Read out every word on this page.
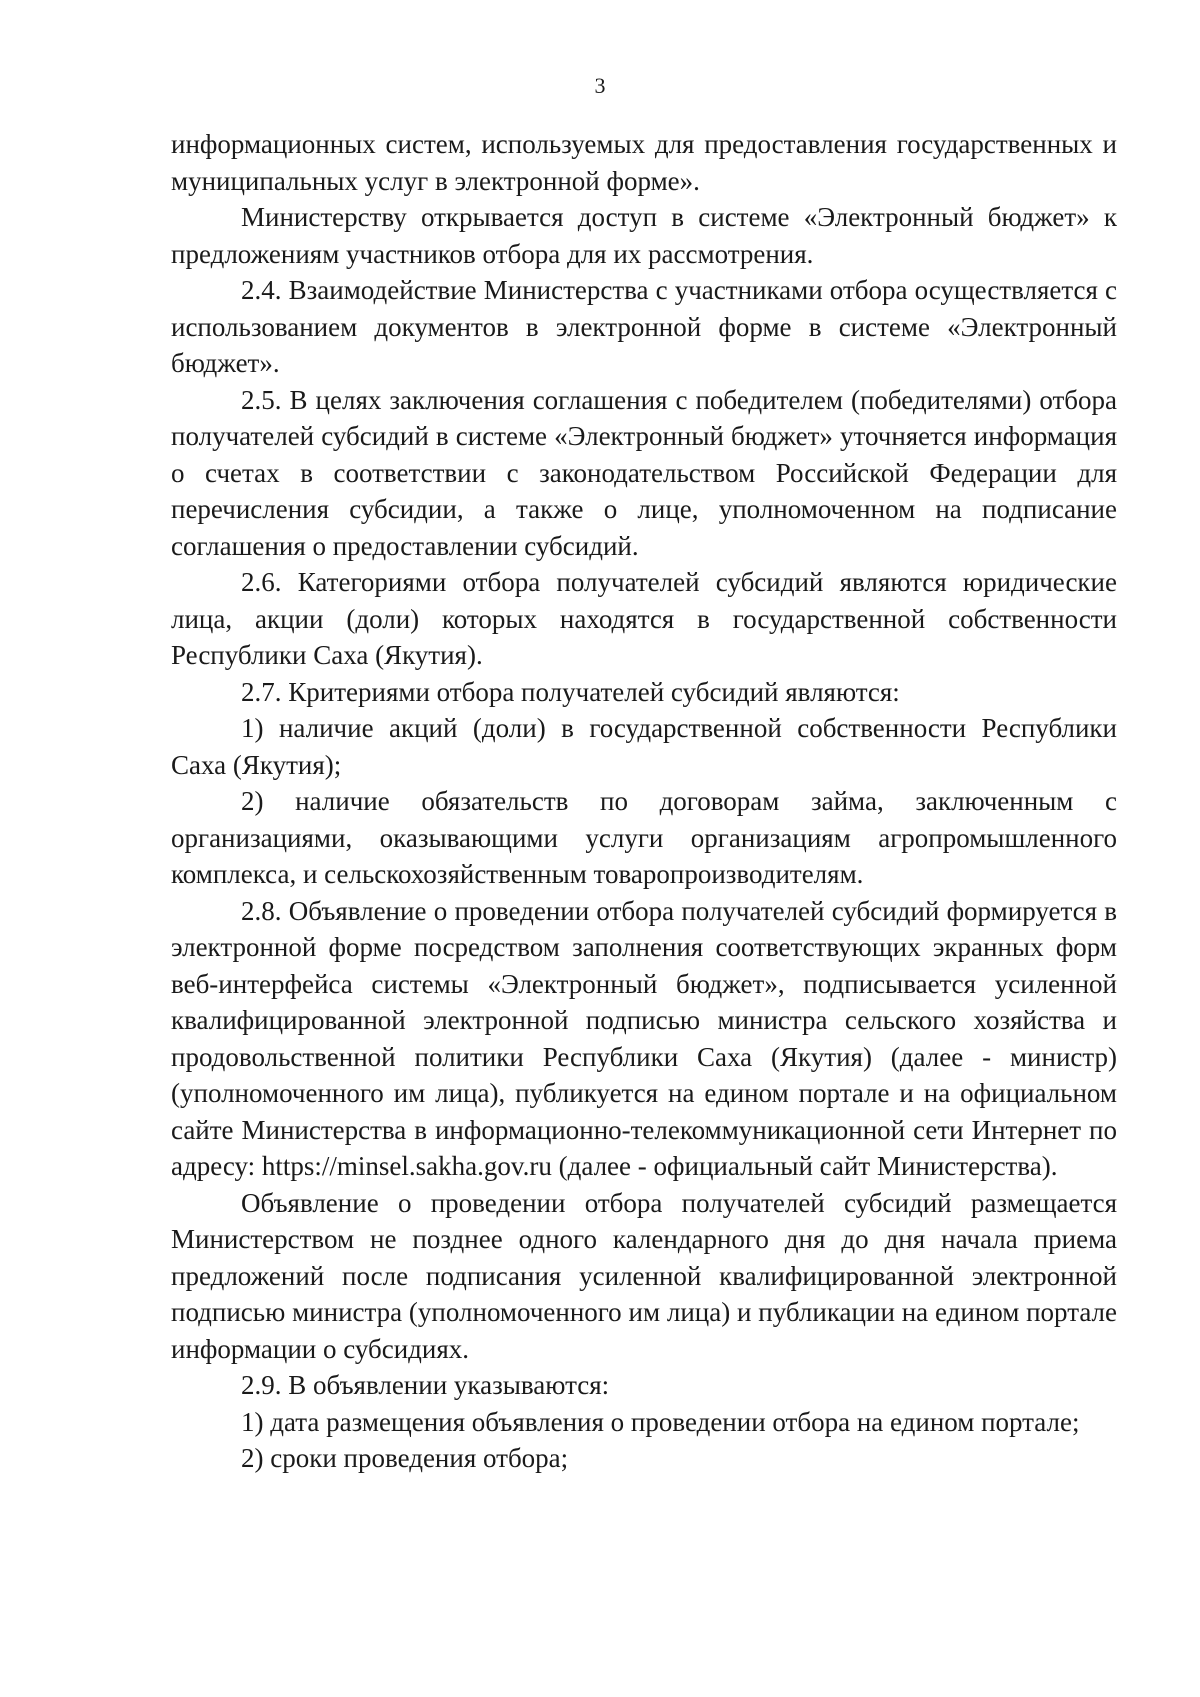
3

информационных систем, используемых для предоставления государственных и муниципальных услуг в электронной форме».

Министерству открывается доступ в системе «Электронный бюджет» к предложениям участников отбора для их рассмотрения.

2.4. Взаимодействие Министерства с участниками отбора осуществляется с использованием документов в электронной форме в системе «Электронный бюджет».

2.5. В целях заключения соглашения с победителем (победителями) отбора получателей субсидий в системе «Электронный бюджет» уточняется информация о счетах в соответствии с законодательством Российской Федерации для перечисления субсидии, а также о лице, уполномоченном на подписание соглашения о предоставлении субсидий.

2.6. Категориями отбора получателей субсидий являются юридические лица, акции (доли) которых находятся в государственной собственности Республики Саха (Якутия).

2.7. Критериями отбора получателей субсидий являются:

1) наличие акций (доли) в государственной собственности Республики Саха (Якутия);

2) наличие обязательств по договорам займа, заключенным с организациями, оказывающими услуги организациям агропромышленного комплекса, и сельскохозяйственным товаропроизводителям.

2.8. Объявление о проведении отбора получателей субсидий формируется в электронной форме посредством заполнения соответствующих экранных форм веб-интерфейса системы «Электронный бюджет», подписывается усиленной квалифицированной электронной подписью министра сельского хозяйства и продовольственной политики Республики Саха (Якутия) (далее - министр) (уполномоченного им лица), публикуется на едином портале и на официальном сайте Министерства в информационно-телекоммуникационной сети Интернет по адресу: https://minsel.sakha.gov.ru (далее - официальный сайт Министерства).

Объявление о проведении отбора получателей субсидий размещается Министерством не позднее одного календарного дня до дня начала приема предложений после подписания усиленной квалифицированной электронной подписью министра (уполномоченного им лица) и публикации на едином портале информации о субсидиях.

2.9. В объявлении указываются:

1) дата размещения объявления о проведении отбора на едином портале;

2) сроки проведения отбора;
